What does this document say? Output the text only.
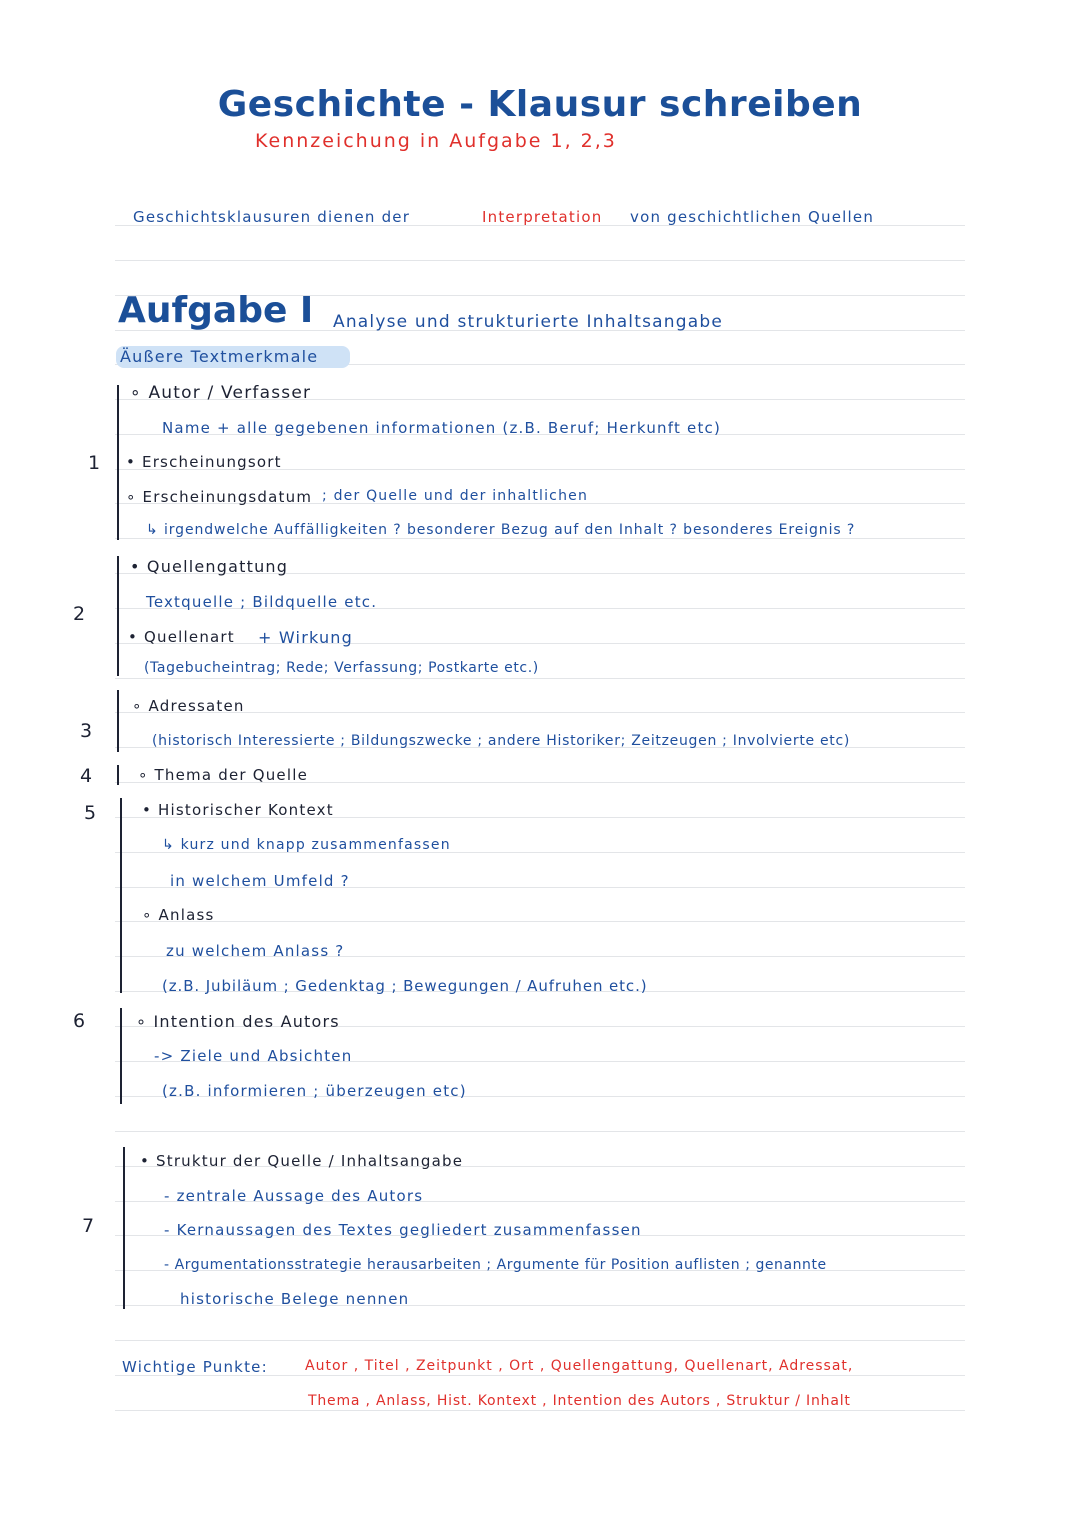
Geschichte - Klausur schreiben
Kennzeichung in Aufgabe 1, 2,3
Geschichtsklausuren dienen der	Interpretation von geschichtlichen Quellen
Aufgabe I Analyse und strukturierte Inhaltsangabe
Äußere Textmerkmale
1
2
3
4
5
6
7
∘ Autor / Verfasser
Name + alle gegebenen informationen (z.B. Beruf; Herkunft etc)
• Erscheinungsort
∘ Erscheinungsdatum ; der Quelle und der inhaltlichen
↳ irgendwelche Auffälligkeiten ? besonderer Bezug auf den Inhalt ? besonderes Ereignis ?
• Quellengattung
Textquelle ; Bildquelle etc.
• Quellenart + Wirkung
(Tagebucheintrag; Rede; Verfassung; Postkarte etc.)
∘ Adressaten
(historisch Interessierte ; Bildungszwecke ; andere Historiker; Zeitzeugen ; Involvierte etc)
∘ Thema der Quelle
• Historischer Kontext
↳ kurz und knapp zusammenfassen
in welchem Umfeld ?
∘ Anlass
zu welchem Anlass ?
(z.B. Jubiläum ; Gedenktag ; Bewegungen / Aufruhen etc.)
∘ Intention des Autors
-> Ziele und Absichten
(z.B. informieren ; überzeugen etc)
• Struktur der Quelle / Inhaltsangabe
- zentrale Aussage des Autors
- Kernaussagen des Textes gegliedert zusammenfassen
- Argumentationsstrategie herausarbeiten ; Argumente für Position auflisten ; genannte
historische Belege nennen
Wichtige Punkte:	Autor , Titel , Zeitpunkt , Ort , Quellengattung, Quellenart, Adressat,
Thema , Anlass, Hist. Kontext , Intention des Autors , Struktur / Inhalt
